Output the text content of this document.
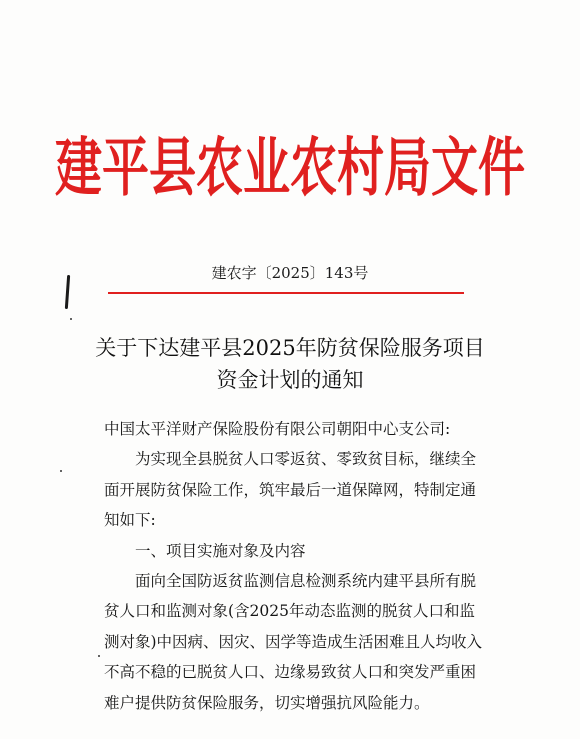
建平县农业农村局文件
建农字〔2025〕143号
关于下达建平县2025年防贫保险服务项目
资金计划的通知

中国太平洋财产保险股份有限公司朝阳中心支公司:

为实现全县脱贫人口零返贫、零致贫目标，继续全

面开展防贫保险工作，筑牢最后一道保障网，特制定通

知如下:

一、项目实施对象及内容

面向全国防返贫监测信息检测系统内建平县所有脱

贫人口和监测对象(含2025年动态监测的脱贫人口和监

测对象)中因病、因灾、因学等造成生活困难且人均收入

不高不稳的已脱贫人口、边缘易致贫人口和突发严重困

难户提供防贫保险服务，切实增强抗风险能力。
